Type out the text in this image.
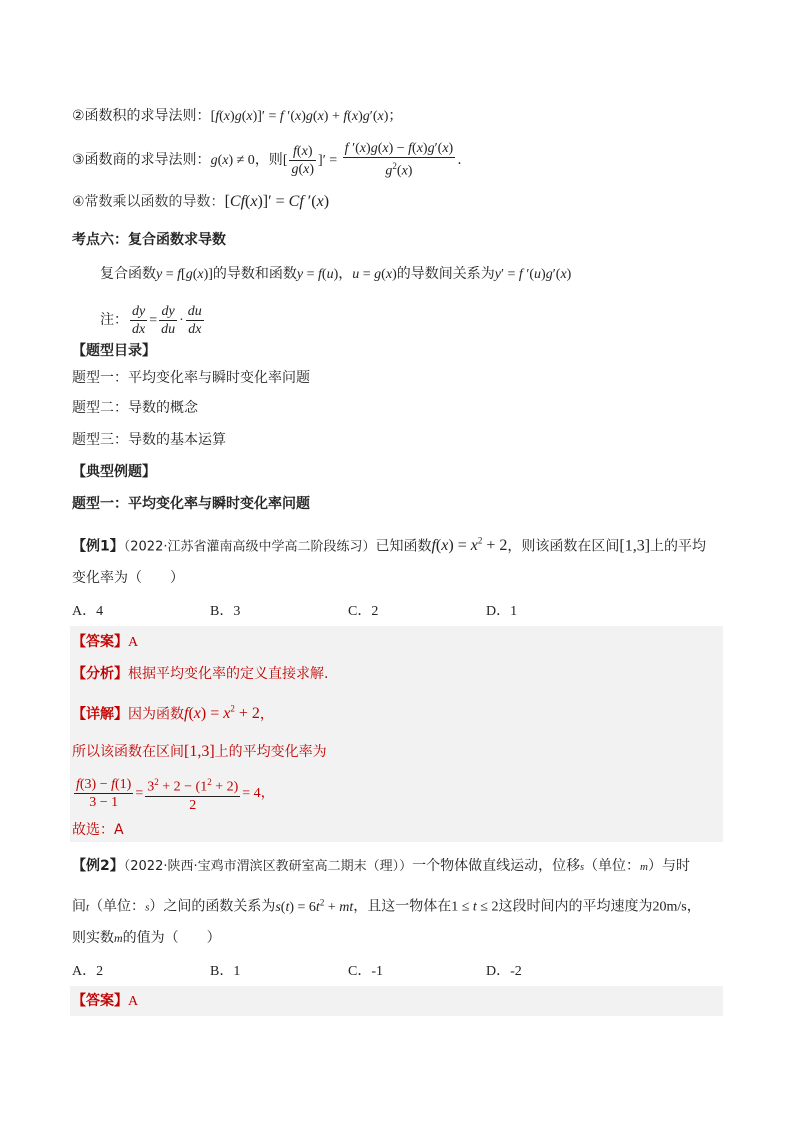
②函数积的求导法则：[f(x)g(x)]′ = f ′(x)g(x) + f(x)g′(x)；
③函数商的求导法则：g(x) ≠ 0，则[ $\frac{f(x)}{g(x)}$ ]′ = $\frac{f '(x)g(x) - f(x)g'(x)}{g^2(x)}$ .
④常数乘以函数的导数：[Cf(x)]′ = Cf ′(x)
考点六：复合函数求导数
复合函数y = f[g(x)]的导数和函数y = f(u)，u = g(x)的导数间关系为y′ = f ′(u)g′(x)
注： $\frac{dy}{dx} = \frac{dy}{du} \cdot \frac{du}{dx}$
【题型目录】
题型一：平均变化率与瞬时变化率问题
题型二：导数的概念
题型三：导数的基本运算
【典型例题】
题型一：平均变化率与瞬时变化率问题
【例1】（2022·江苏省灌南高级中学高二阶段练习）已知函数$f(x) = x^2 + 2$，则该函数在区间[1,3]上的平均
变化率为（　　）
A．4	B．3	C．2	D．1
【答案】A
【分析】根据平均变化率的定义直接求解.
【详解】因为函数$f(x) = x^2 + 2$，
所以该函数在区间[1,3]上的平均变化率为
$\frac{f(3) - f(1)}{3 - 1} = \frac{3^2 + 2 - (1^2 + 2)}{2} = 4$，
故选：A
【例2】（2022·陕西·宝鸡市渭滨区教研室高二期末（理））一个物体做直线运动，位移s（单位：m）与时
间t（单位：s）之间的函数关系为$s(t) = 6t^2$ + mt，且这一物体在1 ≤ t ≤ 2这段时间内的平均速度为20m/s，
则实数m的值为（　　）
A．2	B．1	C．-1	D．-2
【答案】A
